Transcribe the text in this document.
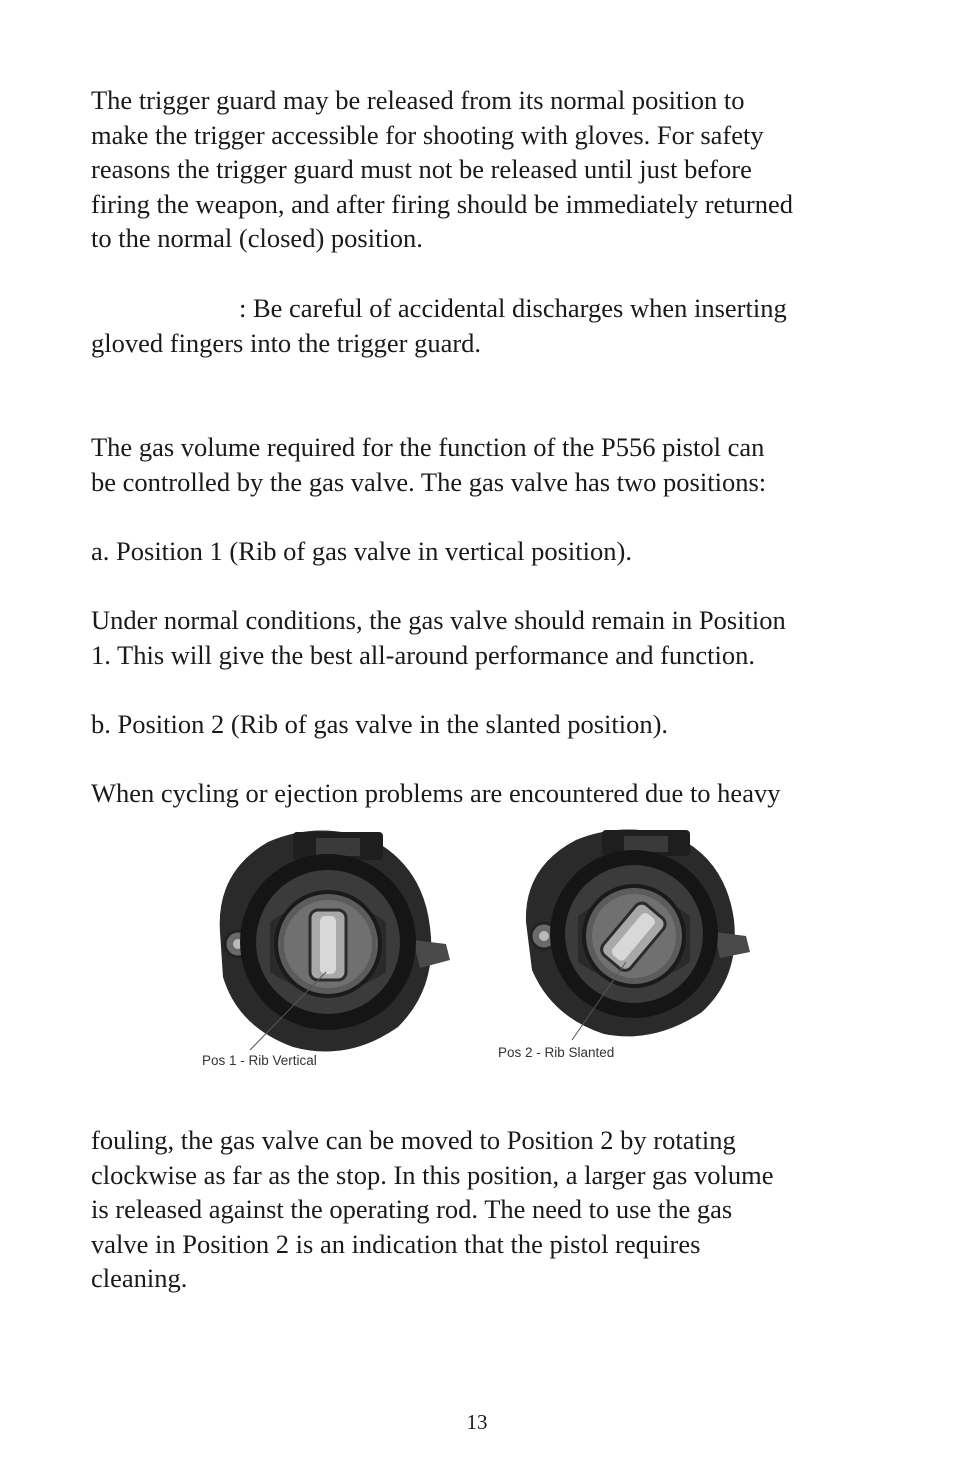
The trigger guard may be released from its normal position to
make the trigger accessible for shooting with gloves. For safety
reasons the trigger guard must not be released until just before
firing the weapon, and after firing should be immediately returned
to the normal (closed) position.

: Be careful of accidental discharges when inserting
gloved fingers into the trigger guard.

The gas volume required for the function of the P556 pistol can
be controlled by the gas valve. The gas valve has two positions:

a. Position 1 (Rib of gas valve in vertical position).

Under normal conditions, the gas valve should remain in Position
1. This will give the best all-around performance and function.

b. Position 2 (Rib of gas valve in the slanted position).

When cycling or ejection problems are encountered due to heavy

Pos 1 - Rib Vertical
Pos 2 - Rib Slanted

fouling, the gas valve can be moved to Position 2 by rotating
clockwise as far as the stop. In this position, a larger gas volume
is released against the operating rod. The need to use the gas
valve in Position 2 is an indication that the pistol requires
cleaning.

13
